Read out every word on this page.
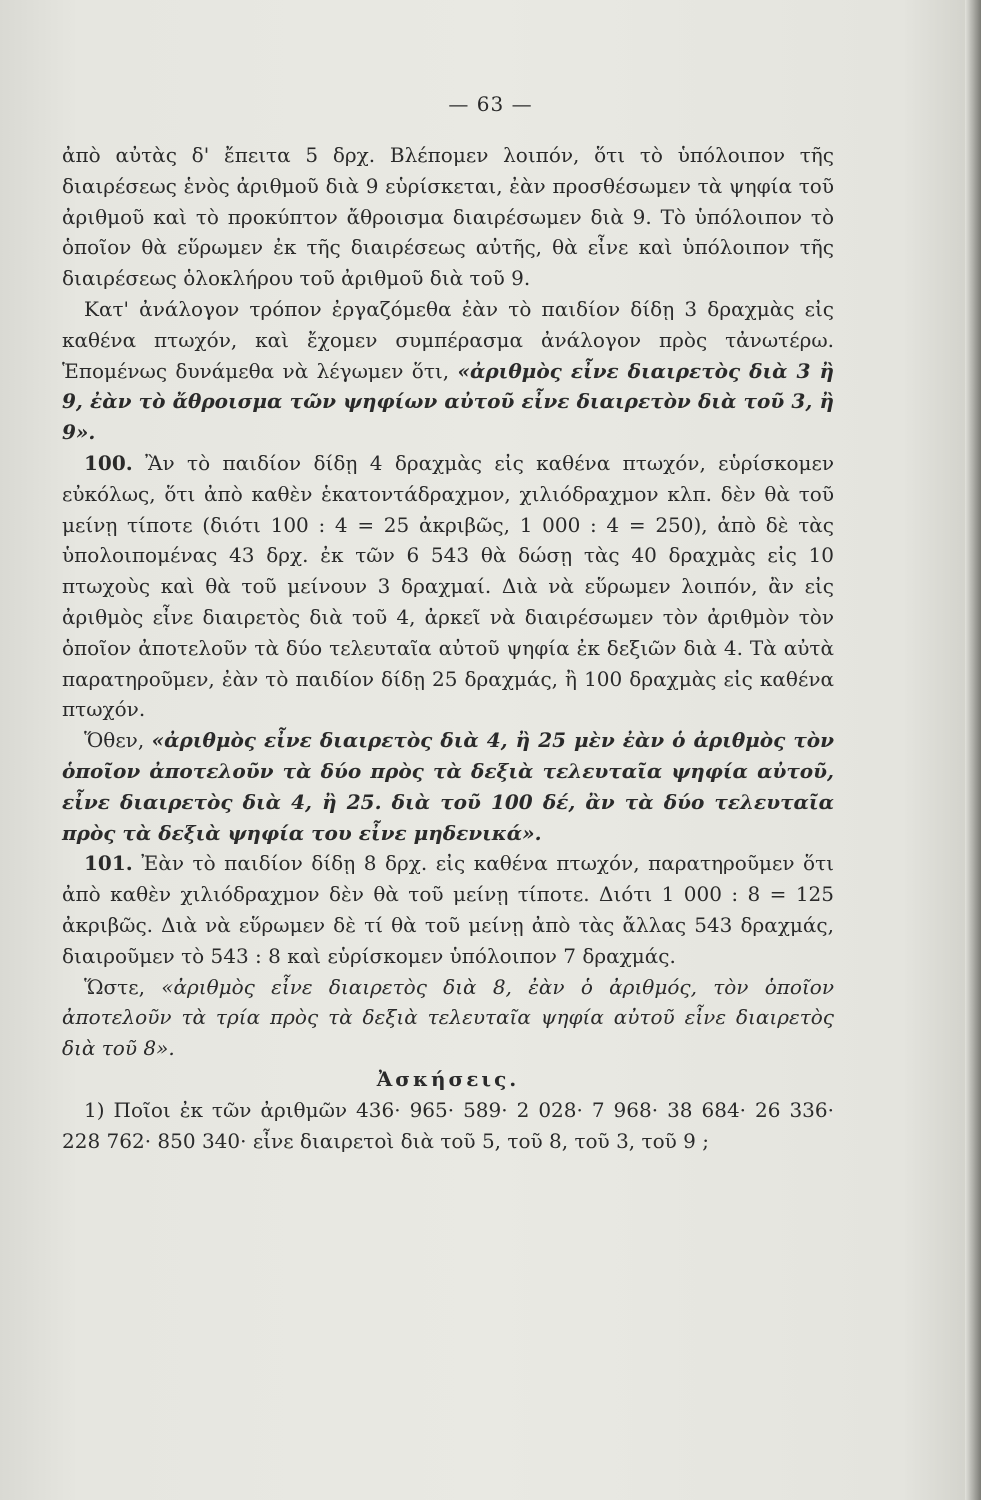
— 63 —

ἀπὸ αὐτὰς δ' ἔπειτα 5 δρχ. Βλέπομεν λοιπόν, ὅτι τὸ ὑπόλοιπον τῆς διαιρέσεως ἑνὸς ἀριθμοῦ διὰ 9 εὑρίσκεται, ἐὰν προσθέσωμεν τὰ ψηφία τοῦ ἀριθμοῦ καὶ τὸ προκύπτον ἄθροισμα διαιρέσωμεν διὰ 9. Τὸ ὑπόλοιπον τὸ ὁποῖον θὰ εὕρωμεν ἐκ τῆς διαιρέσεως αὐτῆς, θὰ εἶνε καὶ ὑπόλοιπον τῆς διαιρέσεως ὁλοκλήρου τοῦ ἀριθμοῦ διὰ τοῦ 9.

Κατ' ἀνάλογον τρόπον ἐργαζόμεθα ἐὰν τὸ παιδίον δίδῃ 3 δραχμὰς εἰς καθένα πτωχόν, καὶ ἔχομεν συμπέρασμα ἀνάλογον πρὸς τἀνωτέρω. Ἑπομένως δυνάμεθα νὰ λέγωμεν ὅτι, «ἀριθμὸς εἶνε διαιρετὸς διὰ 3 ἢ 9, ἐὰν τὸ ἄθροισμα τῶν ψηφίων αὐτοῦ εἶνε διαιρετὸν διὰ τοῦ 3, ἢ 9».

100. Ἂν τὸ παιδίον δίδῃ 4 δραχμὰς εἰς καθένα πτωχόν, εὑρίσκομεν εὐκόλως, ὅτι ἀπὸ καθὲν ἑκατοντάδραχμον, χιλιόδραχμον κλπ. δὲν θὰ τοῦ μείνῃ τίποτε (διότι 100 : 4 = 25 ἀκριβῶς, 1 000 : 4 = 250), ἀπὸ δὲ τὰς ὑπολοιπομένας 43 δρχ. ἐκ τῶν 6 543 θὰ δώσῃ τὰς 40 δραχμὰς εἰς 10 πτωχοὺς καὶ θὰ τοῦ μείνουν 3 δραχμαί. Διὰ νὰ εὕρωμεν λοιπόν, ἂν εἰς ἀριθμὸς εἶνε διαιρετὸς διὰ τοῦ 4, ἀρκεῖ νὰ διαιρέσωμεν τὸν ἀριθμὸν τὸν ὁποῖον ἀποτελοῦν τὰ δύο τελευταῖα αὐτοῦ ψηφία ἐκ δεξιῶν διὰ 4. Τὰ αὐτὰ παρατηροῦμεν, ἐὰν τὸ παιδίον δίδῃ 25 δραχμάς, ἢ 100 δραχμὰς εἰς καθένα πτωχόν.

Ὅθεν, «ἀριθμὸς εἶνε διαιρετὸς διὰ 4, ἢ 25 μὲν ἐὰν ὁ ἀριθμὸς τὸν ὁποῖον ἀποτελοῦν τὰ δύο πρὸς τὰ δεξιὰ τελευταῖα ψηφία αὐτοῦ, εἶνε διαιρετὸς διὰ 4, ἢ 25. διὰ τοῦ 100 δέ, ἂν τὰ δύο τελευταῖα πρὸς τὰ δεξιὰ ψηφία του εἶνε μηδενικά».

101. Ἐὰν τὸ παιδίον δίδῃ 8 δρχ. εἰς καθένα πτωχόν, παρατηροῦμεν ὅτι ἀπὸ καθὲν χιλιόδραχμον δὲν θὰ τοῦ μείνῃ τίποτε. Διότι 1 000 : 8 = 125 ἀκριβῶς. Διὰ νὰ εὕρωμεν δὲ τί θὰ τοῦ μείνῃ ἀπὸ τὰς ἄλλας 543 δραχμάς, διαιροῦμεν τὸ 543 : 8 καὶ εὑρίσκομεν ὑπόλοιπον 7 δραχμάς.

Ὥστε, «ἀριθμὸς εἶνε διαιρετὸς διὰ 8, ἐὰν ὁ ἀριθμός, τὸν ὁποῖον ἀποτελοῦν τὰ τρία πρὸς τὰ δεξιὰ τελευταῖα ψηφία αὐτοῦ εἶνε διαιρετὸς διὰ τοῦ 8».

Ἀσκήσεις.

1) Ποῖοι ἐκ τῶν ἀριθμῶν 436· 965· 589· 2 028· 7 968· 38 684· 26 336· 228 762· 850 340· εἶνε διαιρετοὶ διὰ τοῦ 5, τοῦ 8, τοῦ 3, τοῦ 9 ;
